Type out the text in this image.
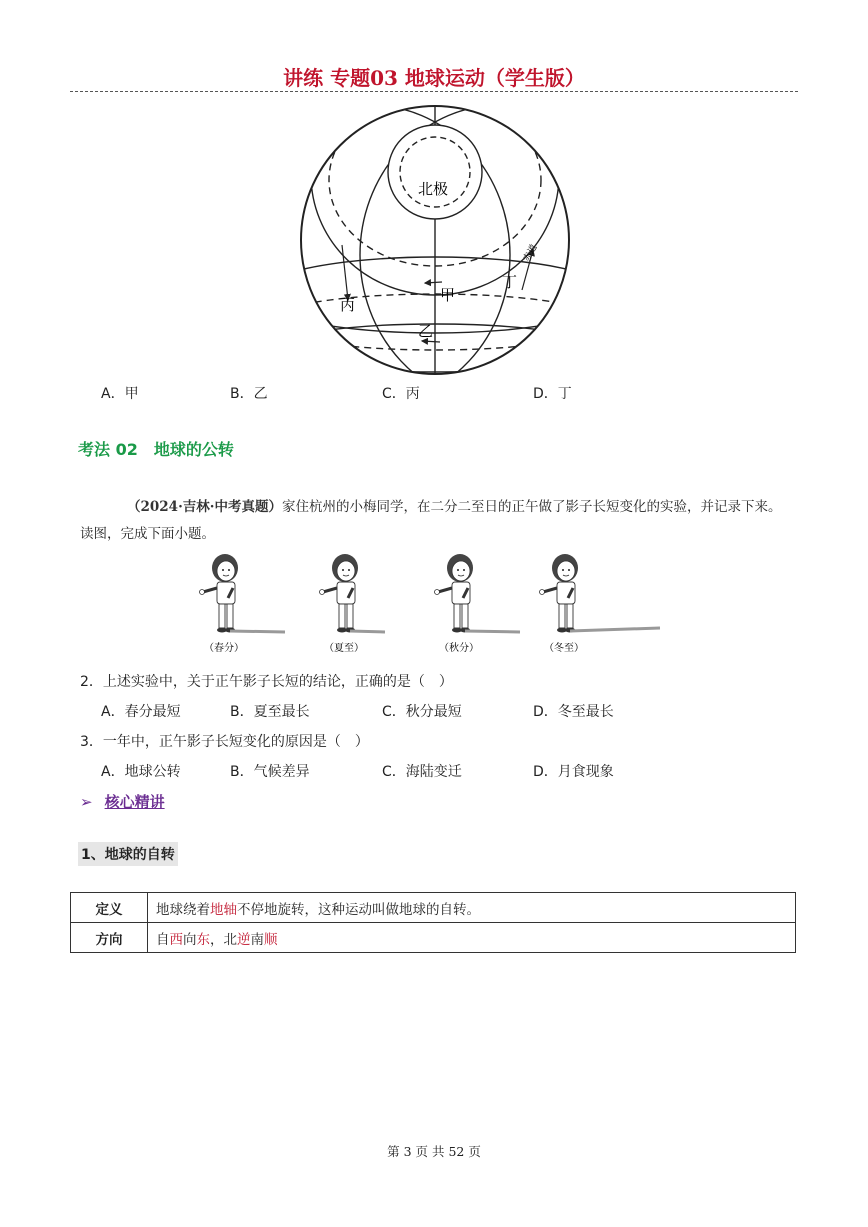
讲练 专题03 地球运动（学生版）
北极
赤道
丙
甲
乙
丁
A．甲	B．乙	C．丙	D．丁
考法 02　地球的公转
（2024·吉林·中考真题）家住杭州的小梅同学，在二分二至日的正午做了影子长短变化的实验，并记录下来。读图，完成下面小题。
（春分）	（夏至）	（秋分）	（冬至）
2．上述实验中，关于正午影子长短的结论，正确的是（　）
A．春分最短	B．夏至最长	C．秋分最短	D．冬至最长
3．一年中，正午影子长短变化的原因是（　）
A．地球公转	B．气候差异	C．海陆变迁	D．月食现象
➢ 核心精讲
1、地球的自转
定义	地球绕着地轴不停地旋转，这种运动叫做地球的自转。
方向	自西向东，北逆南顺
第 3 页 共 52 页
